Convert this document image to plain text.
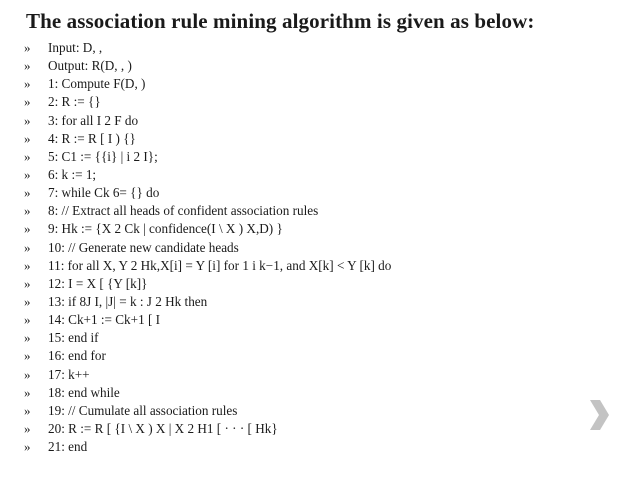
The association rule mining algorithm is given as below:
»	Input: D, ,
»	Output: R(D, , )
»	1: Compute F(D, )
»	2: R := {}
»	3: for all I 2 F do
»	4: R := R [ I ) {}
»	5: C1 := {{i} | i 2 I};
»	6: k := 1;
»	7: while Ck 6= {} do
»	8: // Extract all heads of confident association rules
»	9: Hk := {X 2 Ck | confidence(I \ X ) X,D) }
»	10: // Generate new candidate heads
»	11: for all X, Y 2 Hk,X[i] = Y [i] for 1 i k−1, and X[k] < Y [k] do
»	12: I = X [ {Y [k]}
»	13: if 8J I, |J| = k : J 2 Hk then
»	14: Ck+1 := Ck+1 [ I
»	15: end if
»	16: end for
»	17: k++
»	18: end while
»	19: // Cumulate all association rules
»	20: R := R [ {I \ X ) X | X 2 H1 [ · · · [ Hk}
»	21: end
